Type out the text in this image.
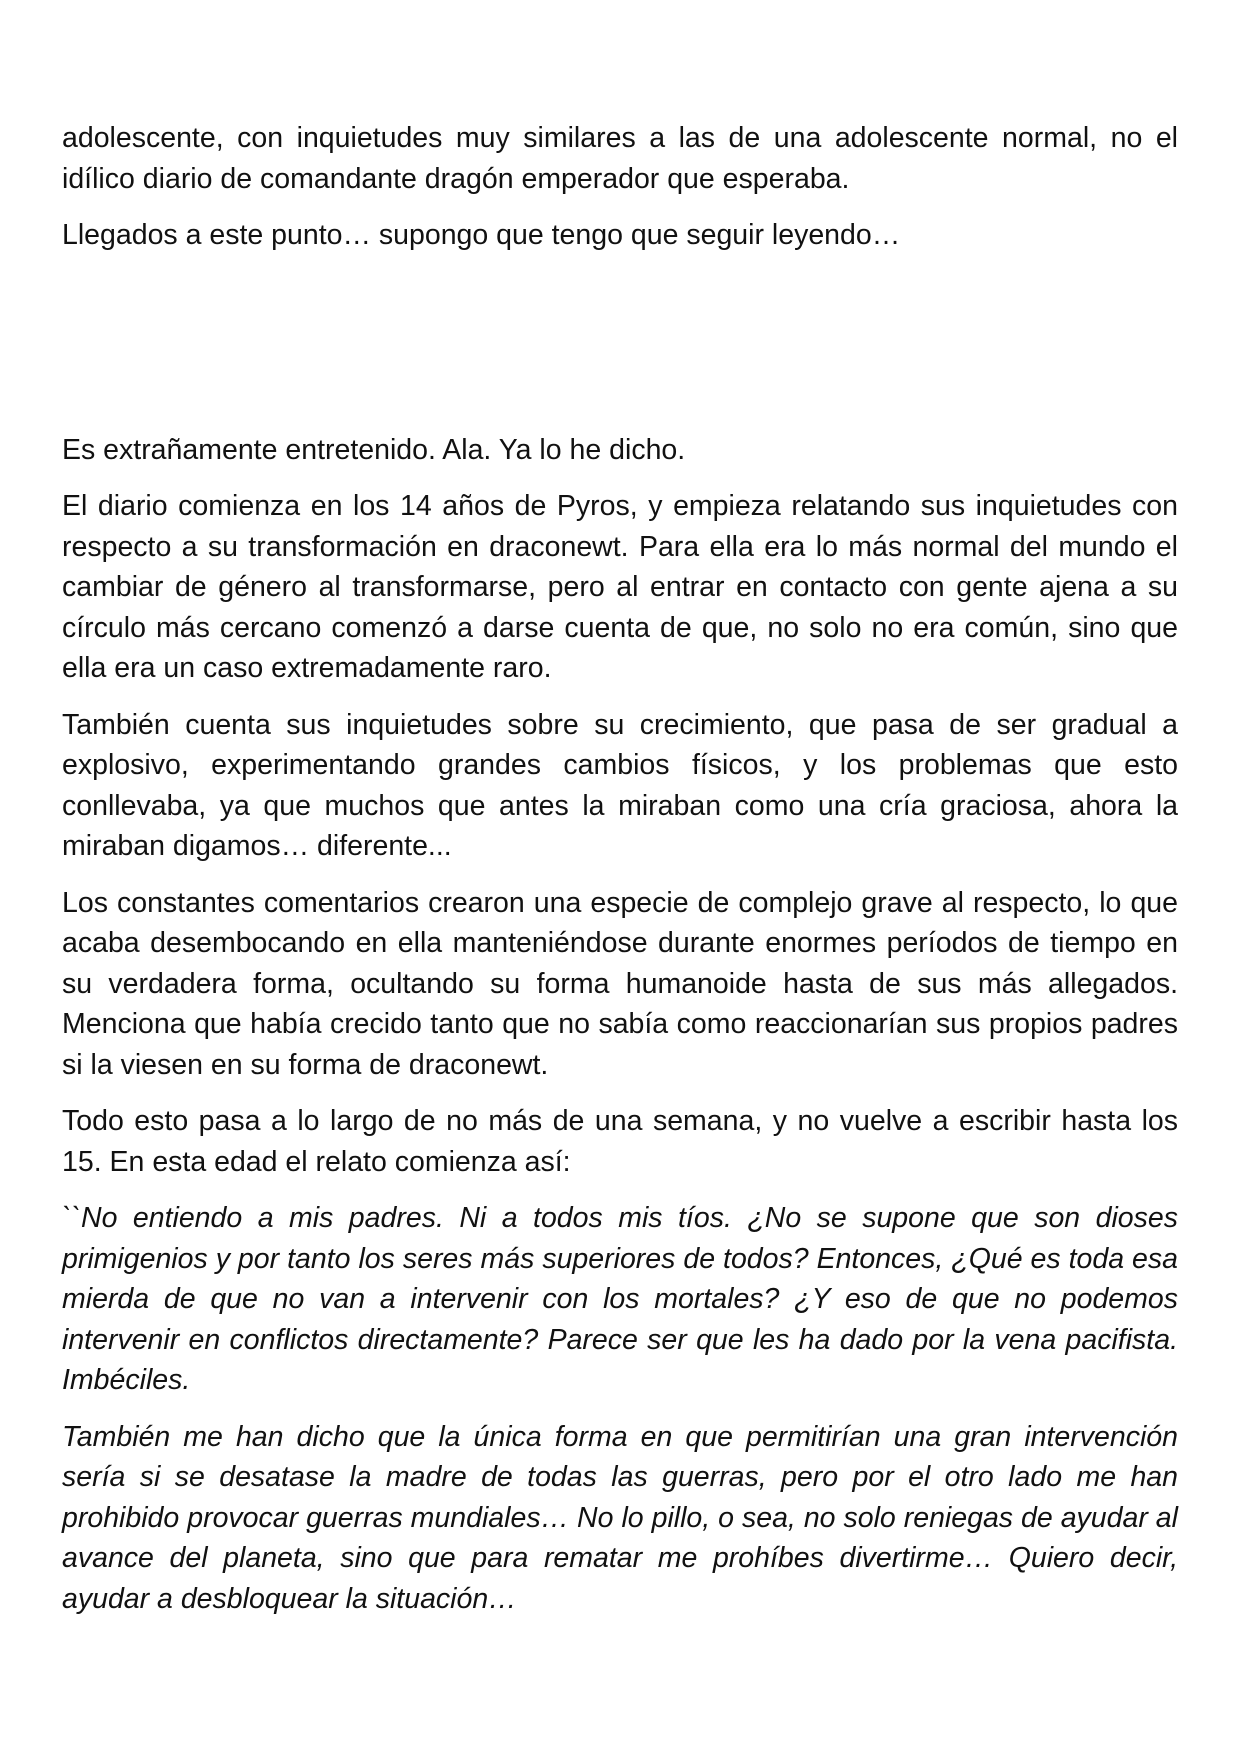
adolescente, con inquietudes muy similares a las de una adolescente normal, no el idílico diario de comandante dragón emperador que esperaba.

Llegados a este punto… supongo que tengo que seguir leyendo…

Es extrañamente entretenido. Ala. Ya lo he dicho.

El diario comienza en los 14 años de Pyros, y empieza relatando sus inquietudes con respecto a su transformación en draconewt. Para ella era lo más normal del mundo el cambiar de género al transformarse, pero al entrar en contacto con gente ajena a su círculo más cercano comenzó a darse cuenta de que, no solo no era común, sino que ella era un caso extremadamente raro.

También cuenta sus inquietudes sobre su crecimiento, que pasa de ser gradual a explosivo, experimentando grandes cambios físicos, y los problemas que esto conllevaba, ya que muchos que antes la miraban como una cría graciosa, ahora la miraban digamos… diferente...

Los constantes comentarios crearon una especie de complejo grave al respecto, lo que acaba desembocando en ella manteniéndose durante enormes períodos de tiempo en su verdadera forma, ocultando su forma humanoide hasta de sus más allegados. Menciona que había crecido tanto que no sabía como reaccionarían sus propios padres si la viesen en su forma de draconewt.

Todo esto pasa a lo largo de no más de una semana, y no vuelve a escribir hasta los 15. En esta edad el relato comienza así:

``No entiendo a mis padres. Ni a todos mis tíos. ¿No se supone que son dioses primigenios y por tanto los seres más superiores de todos? Entonces, ¿Qué es toda esa mierda de que no van a intervenir con los mortales? ¿Y eso de que no podemos intervenir en conflictos directamente? Parece ser que les ha dado por la vena pacifista. Imbéciles.

También me han dicho que la única forma en que permitirían una gran intervención sería si se desatase la madre de todas las guerras, pero por el otro lado me han prohibido provocar guerras mundiales… No lo pillo, o sea, no solo reniegas de ayudar al avance del planeta, sino que para rematar me prohíbes divertirme… Quiero decir, ayudar a desbloquear la situación…
